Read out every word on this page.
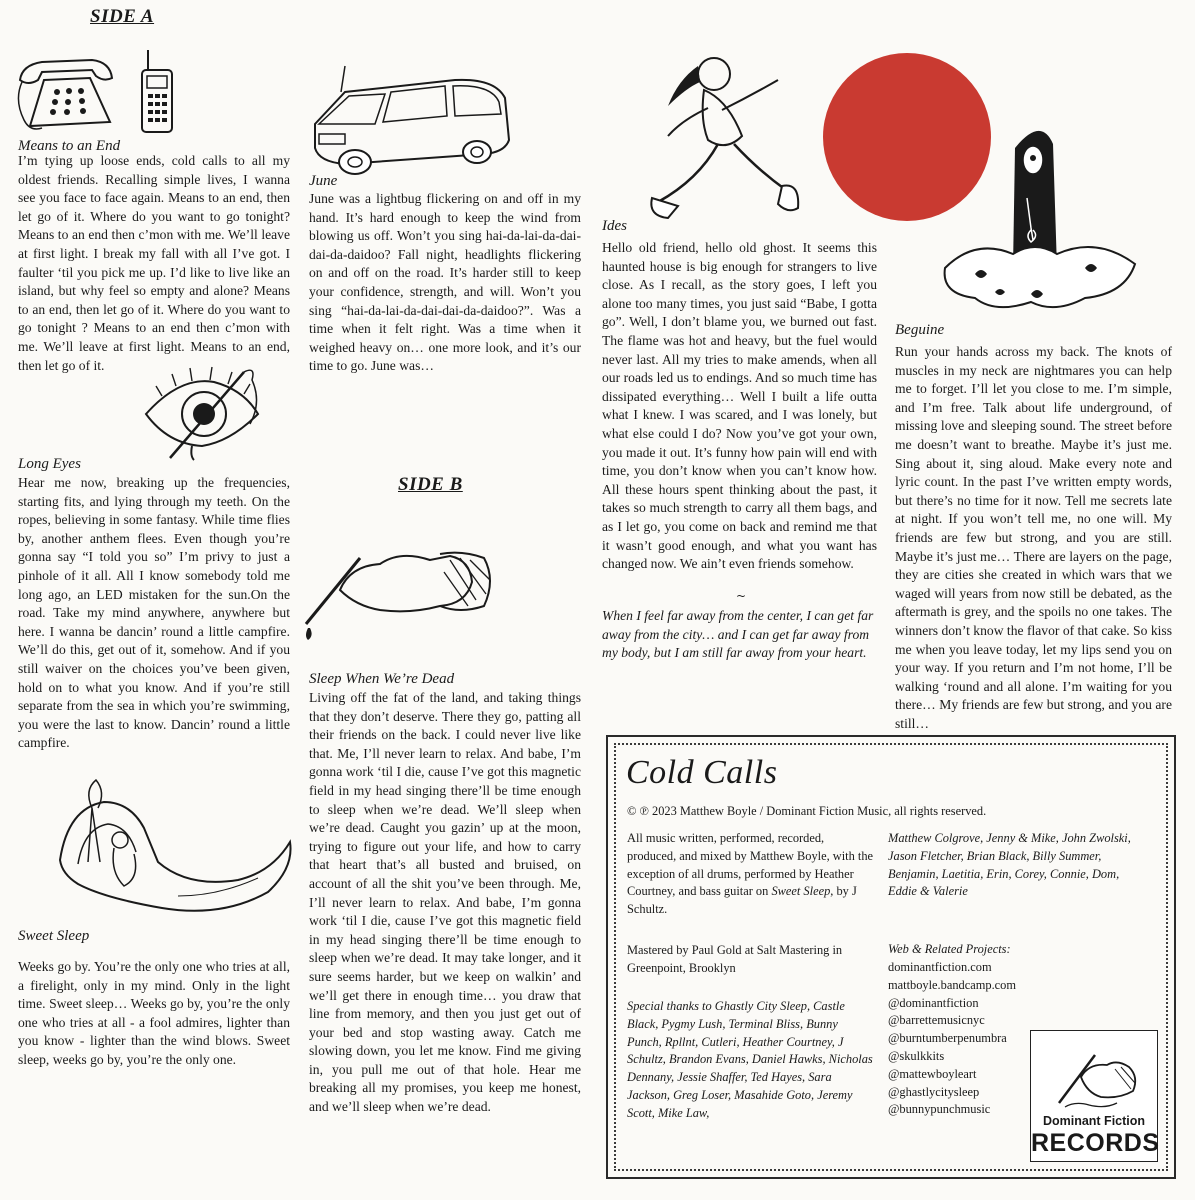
SIDE A
Means to an End

I’m tying up loose ends, cold calls to all my oldest friends. Recalling simple lives, I wanna see you face to face again. Means to an end, then let go of it. Where do you want to go tonight? Means to an end then c’mon with me. We’ll leave at first light. I break my fall with all I’ve got. I faulter ‘til you pick me up. I’d like to live like an island, but why feel so empty and alone? Means to an end, then let go of it. Where do you want to go tonight ? Means to an end then c’mon with me. We’ll leave at first light. Means to an end, then let go of it.

Long Eyes

Hear me now, breaking up the frequencies, starting fits, and lying through my teeth. On the ropes, believing in some fantasy. While time flies by, another anthem flees. Even though you’re gonna say “I told you so” I’m privy to just a pinhole of it all. All I know somebody told me long ago, an LED mistaken for the sun.On the road. Take my mind anywhere, anywhere but here. I wanna be dancin’ round a little campfire. We’ll do this, get out of it, somehow. And if you still waiver on the choices you’ve been given, hold on to what you know. And if you’re still separate from the sea in which you’re swimming, you were the last to know. Dancin’ round a little campfire.

Sweet Sleep

Weeks go by. You’re the only one who tries at all, a firelight, only in my mind. Only in the light time. Sweet sleep… Weeks go by, you’re the only one who tries at all - a fool admires, lighter than you know - lighter than the wind blows. Sweet sleep, weeks go by, you’re the only one.

June

June was a lightbug flickering on and off in my hand. It’s hard enough to keep the wind from blowing us off. Won’t you sing hai-da-lai-da-dai-dai-da-daidoo? Fall night, headlights flickering on and off on the road. It’s harder still to keep your confidence, strength, and will. Won’t you sing “hai-da-lai-da-dai-dai-da-daidoo?”. Was a time when it felt right. Was a time when it weighed heavy on… one more look, and it’s our time to go. June was…

SIDE B
Sleep When We’re Dead

Living off the fat of the land, and taking things that they don’t deserve. There they go, patting all their friends on the back. I could never live like that. Me, I’ll never learn to relax. And babe, I’m gonna work ‘til I die, cause I’ve got this magnetic field in my head singing there’ll be time enough to sleep when we’re dead. We’ll sleep when we’re dead. Caught you gazin’ up at the moon, trying to figure out your life, and how to carry that heart that’s all busted and bruised, on account of all the shit you’ve been through. Me, I’ll never learn to relax. And babe, I’m gonna work ‘til I die, cause I’ve got this magnetic field in my head singing there’ll be time enough to sleep when we’re dead. It may take longer, and it sure seems harder, but we keep on walkin’ and we’ll get there in enough time… you draw that line from memory, and then you just get out of your bed and stop wasting away. Catch me slowing down, you let me know. Find me giving in, you pull me out of that hole. Hear me breaking all my promises, you keep me honest, and we’ll sleep when we’re dead.

Ides

Hello old friend, hello old ghost. It seems this haunted house is big enough for strangers to live close. As I recall, as the story goes, I left you alone too many times, you just said “Babe, I gotta go”. Well, I don’t blame you, we burned out fast. The flame was hot and heavy, but the fuel would never last. All my tries to make amends, when all our roads led us to endings. And so much time has dissipated everything… Well I built a life outta what I knew. I was scared, and I was lonely, but what else could I do? Now you’ve got your own, you made it out. It’s funny how pain will end with time, you don’t know when you can’t know how. All these hours spent thinking about the past, it takes so much strength to carry all them bags, and as I let go, you come on back and remind me that it wasn’t good enough, and what you want has changed now. We ain’t even friends somehow.

~

When I feel far away from the center, I can get far away from the city… and I can get far away from my body, but I am still far away from your heart.

Beguine

Run your hands across my back. The knots of muscles in my neck are nightmares you can help me to forget. I’ll let you close to me. I’m simple, and I’m free. Talk about life underground, of missing love and sleeping sound. The street before me doesn’t want to breathe. Maybe it’s just me. Sing about it, sing aloud. Make every note and lyric count. In the past I’ve written empty words, but there’s no time for it now. Tell me secrets late at night. If you won’t tell me, no one will. My friends are few but strong, and you are still. Maybe it’s just me… There are layers on the page, they are cities she created in which wars that we waged will years from now still be debated, as the aftermath is grey, and the spoils no one takes. The winners don’t know the flavor of that cake. So kiss me when you leave today, let my lips send you on your way. If you return and I’m not home, I’ll be walking ‘round and all alone. I’m waiting for you there… My friends are few but strong, and you are still…

Cold Calls

© ℗ 2023 Matthew Boyle / Dominant Fiction Music, all rights reserved.

All music written, performed, recorded, produced, and mixed by Matthew Boyle, with the exception of all drums, performed by Heather Courtney, and bass guitar on Sweet Sleep, by J Schultz.

Mastered by Paul Gold at Salt Mastering in Greenpoint, Brooklyn

Special thanks to Ghastly City Sleep, Castle Black, Pygmy Lush, Terminal Bliss, Bunny Punch, Rpllnt, Cutleri, Heather Courtney, J Schultz, Brandon Evans, Daniel Hawks, Nicholas Dennany, Jessie Shaffer, Ted Hayes, Sara Jackson, Greg Loser, Masahide Goto, Jeremy Scott, Mike Law,

Matthew Colgrove, Jenny & Mike, John Zwolski, Jason Fletcher, Brian Black, Billy Summer, Benjamin, Laetitia, Erin, Corey, Connie, Dom, Eddie & Valerie

Web & Related Projects:
dominantfiction.com
mattboyle.bandcamp.com
@dominantfiction
@barrettemusicnyc
@burntumberpenumbra
@skulkkits
@mattewboyleart
@ghastlycitysleep
@bunnypunchmusic
Dominant Fiction
RECORDS
